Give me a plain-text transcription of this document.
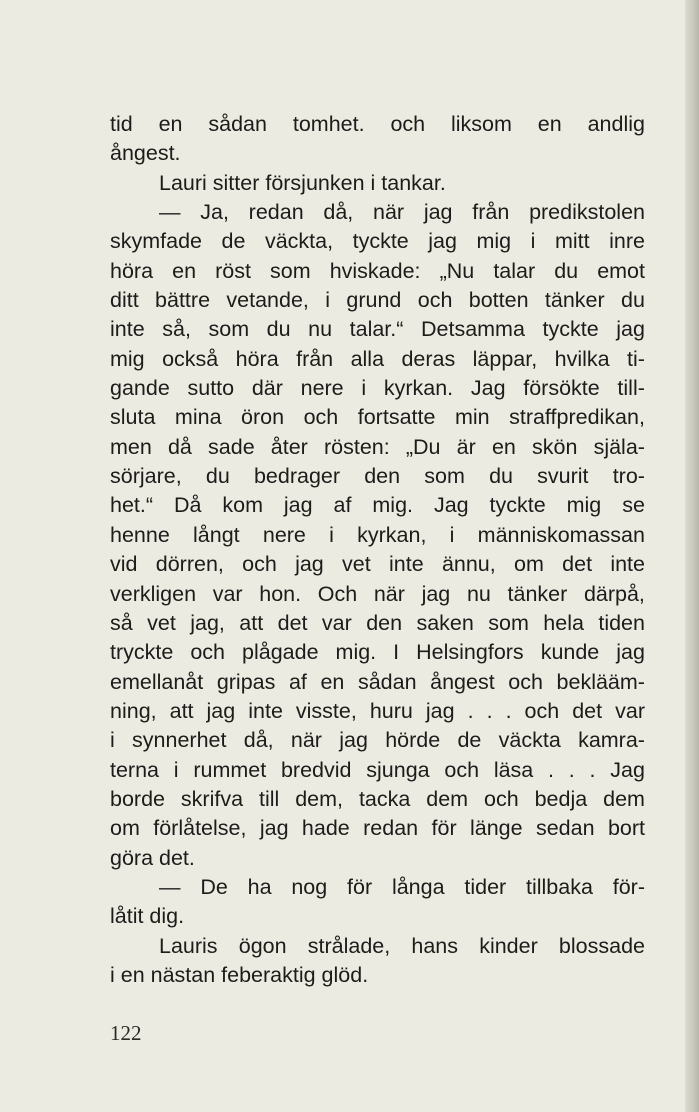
tid en sådan tomhet. och liksom en andlig
ångest.
Lauri sitter försjunken i tankar.
— Ja, redan då, när jag från predikstolen
skymfade de väckta, tyckte jag mig i mitt inre
höra en röst som hviskade: „Nu talar du emot
ditt bättre vetande, i grund och botten tänker du
inte så, som du nu talar.“ Detsamma tyckte jag
mig också höra från alla deras läppar, hvilka ti-
gande sutto där nere i kyrkan. Jag försökte till-
sluta mina öron och fortsatte min straffpredikan,
men då sade åter rösten: „Du är en skön själa-
sörjare, du bedrager den som du svurit tro-
het.“ Då kom jag af mig. Jag tyckte mig se
henne långt nere i kyrkan, i människomassan
vid dörren, och jag vet inte ännu, om det inte
verkligen var hon. Och när jag nu tänker därpå,
så vet jag, att det var den saken som hela tiden
tryckte och plågade mig. I Helsingfors kunde jag
emellanåt gripas af en sådan ångest och beklääm-
ning, att jag inte visste, huru jag . . . och det var
i synnerhet då, när jag hörde de väckta kamra-
terna i rummet bredvid sjunga och läsa . . . Jag
borde skrifva till dem, tacka dem och bedja dem
om förlåtelse, jag hade redan för länge sedan bort
göra det.
— De ha nog för långa tider tillbaka för-
låtit dig.
Lauris ögon strålade, hans kinder blossade
i en nästan feberaktig glöd.
122
